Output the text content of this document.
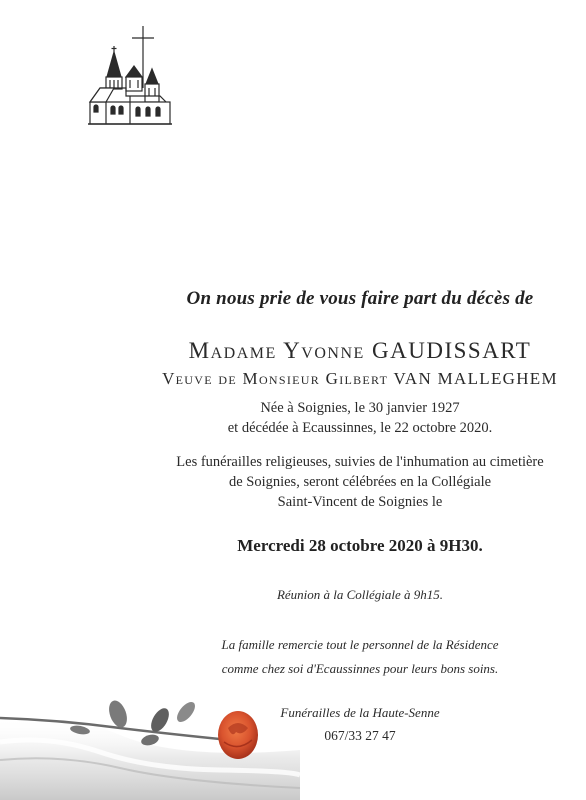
On nous prie de vous faire part du décès de
Madame Yvonne GAUDISSART
Veuve de Monsieur Gilbert VAN MALLEGHEM
Née à Soignies, le 30 janvier 1927
et décédée à Ecaussinnes, le 22 octobre 2020.
Les funérailles religieuses, suivies de l'inhumation au cimetière
de Soignies, seront célébrées en la Collégiale
Saint-Vincent de Soignies le
Mercredi 28 octobre 2020 à 9H30.
Réunion à la Collégiale à 9h15.
La famille remercie tout le personnel de la Résidence
comme chez soi d'Ecaussinnes pour leurs bons soins.
Funérailles de la Haute-Senne
067/33 27 47
